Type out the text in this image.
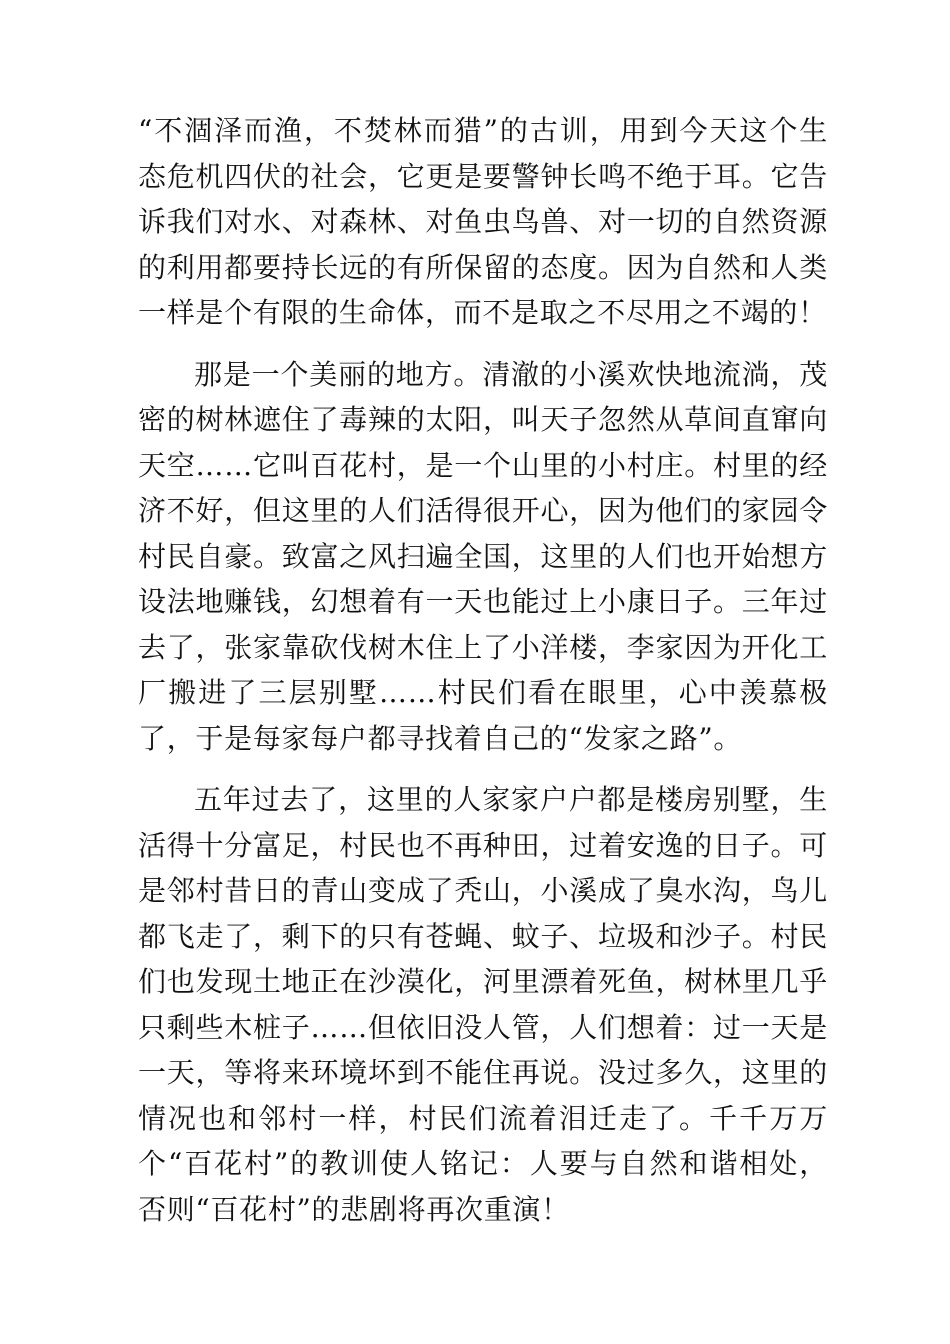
“不涸泽而渔，不焚林而猎”的古训，用到今天这个生态危机四伏的社会，它更是要警钟长鸣不绝于耳。它告诉我们对水、对森林、对鱼虫鸟兽、对一切的自然资源的利用都要持长远的有所保留的态度。因为自然和人类一样是个有限的生命体，而不是取之不尽用之不竭的！

那是一个美丽的地方。清澈的小溪欢快地流淌，茂密的树林遮住了毒辣的太阳，叫天子忽然从草间直窜向天空……它叫百花村，是一个山里的小村庄。村里的经济不好，但这里的人们活得很开心，因为他们的家园令村民自豪。致富之风扫遍全国，这里的人们也开始想方设法地赚钱，幻想着有一天也能过上小康日子。三年过去了，张家靠砍伐树木住上了小洋楼，李家因为开化工厂搬进了三层别墅……村民们看在眼里，心中羡慕极了，于是每家每户都寻找着自己的“发家之路”。

五年过去了，这里的人家家户户都是楼房别墅，生活得十分富足，村民也不再种田，过着安逸的日子。可是邻村昔日的青山变成了秃山，小溪成了臭水沟，鸟儿都飞走了，剩下的只有苍蝇、蚊子、垃圾和沙子。村民们也发现土地正在沙漠化，河里漂着死鱼，树林里几乎只剩些木桩子……但依旧没人管，人们想着：过一天是一天，等将来环境坏到不能住再说。没过多久，这里的情况也和邻村一样，村民们流着泪迁走了。千千万万个“百花村”的教训使人铭记：人要与自然和谐相处，否则“百花村”的悲剧将再次重演！
